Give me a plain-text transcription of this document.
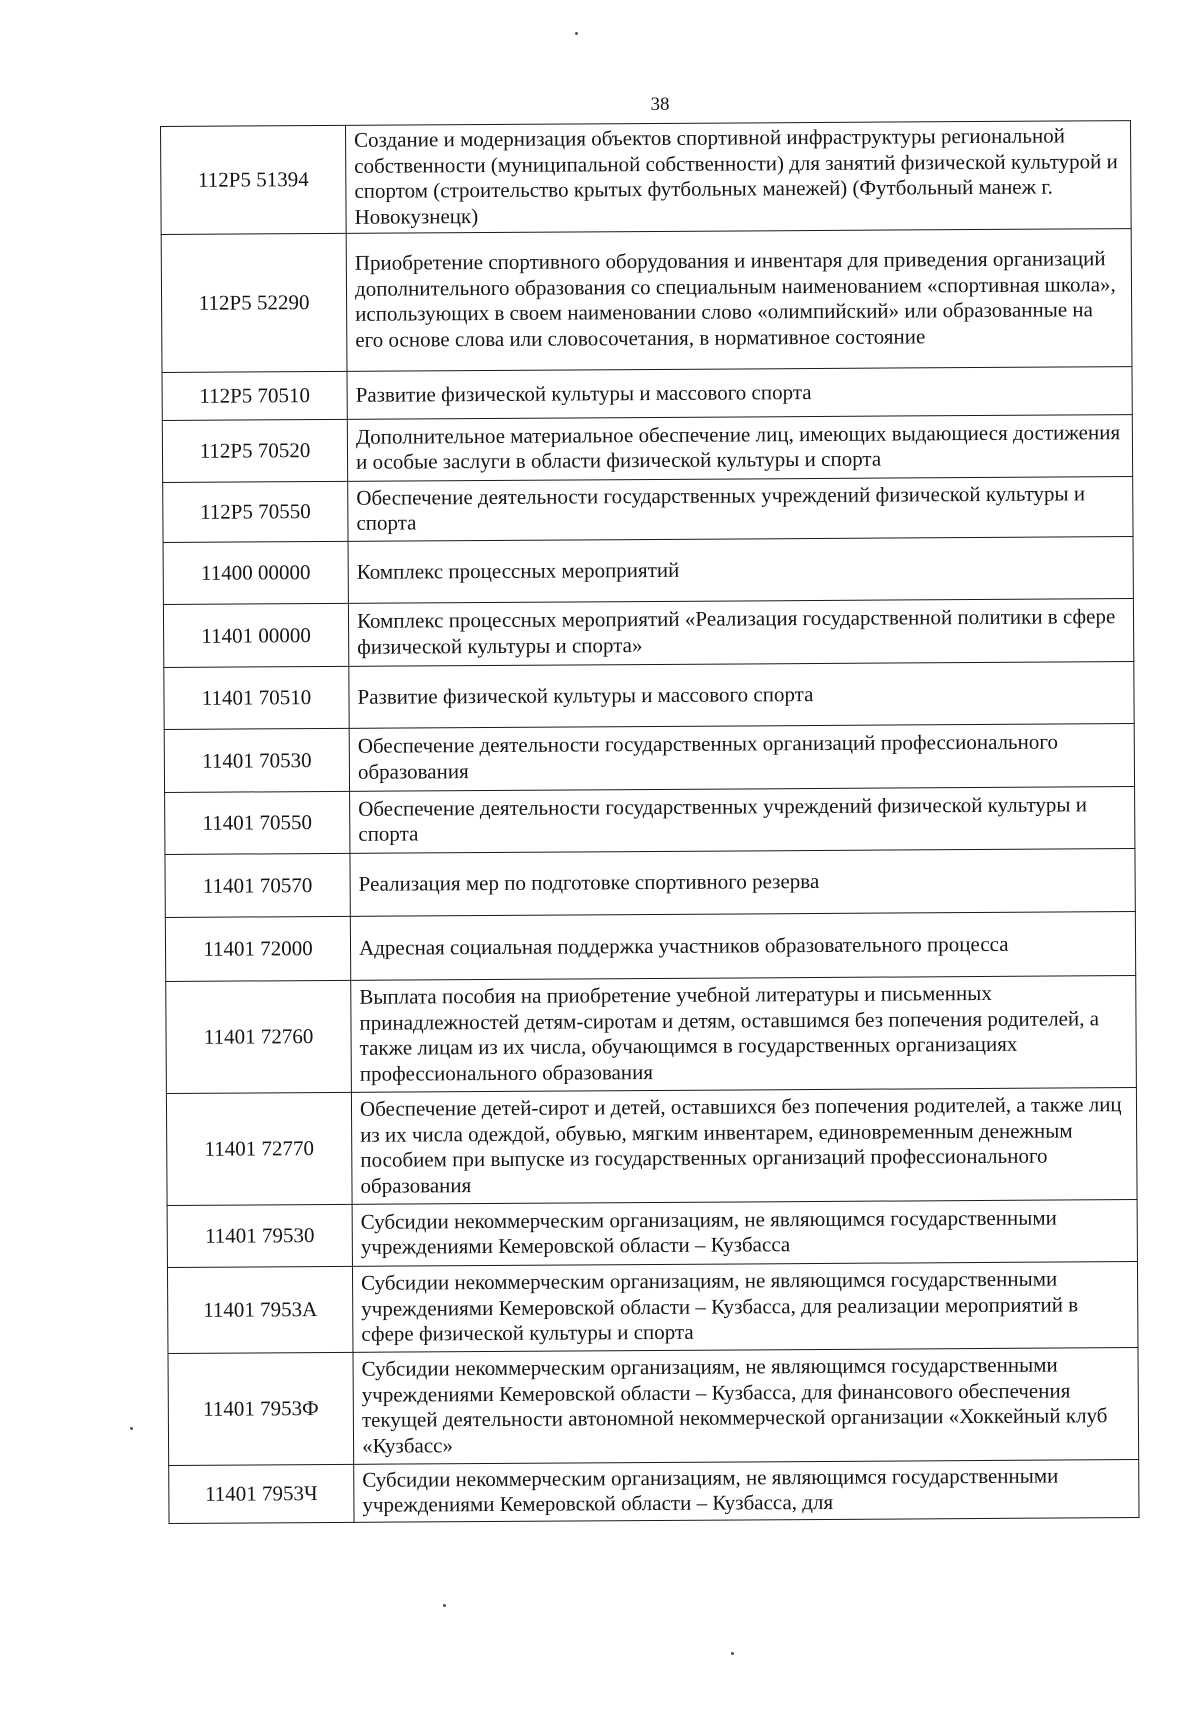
38
112P5 51394	Создание и модернизация объектов спортивной инфраструктуры региональной собственности (муниципальной собственности) для занятий физической культурой и спортом (строительство крытых футбольных манежей) (Футбольный манеж г. Новокузнецк)
112P5 52290	Приобретение спортивного оборудования и инвентаря для приведения организаций дополнительного образования со специальным наименованием «спортивная школа», использующих в своем наименовании слово «олимпийский» или образованные на его основе слова или словосочетания, в нормативное состояние
112P5 70510	Развитие физической культуры и массового спорта
112P5 70520	Дополнительное материальное обеспечение лиц, имеющих выдающиеся достижения и особые заслуги в области физической культуры и спорта
112P5 70550	Обеспечение деятельности государственных учреждений физической культуры и спорта
11400 00000	Комплекс процессных мероприятий
11401 00000	Комплекс процессных мероприятий «Реализация государственной политики в сфере физической культуры и спорта»
11401 70510	Развитие физической культуры и массового спорта
11401 70530	Обеспечение деятельности государственных организаций профессионального образования
11401 70550	Обеспечение деятельности государственных учреждений физической культуры и спорта
11401 70570	Реализация мер по подготовке спортивного резерва
11401 72000	Адресная социальная поддержка участников образовательного процесса
11401 72760	Выплата пособия на приобретение учебной литературы и письменных принадлежностей детям-сиротам и детям, оставшимся без попечения родителей, а также лицам из их числа, обучающимся в государственных организациях профессионального образования
11401 72770	Обеспечение детей-сирот и детей, оставшихся без попечения родителей, а также лиц из их числа одеждой, обувью, мягким инвентарем, единовременным денежным пособием при выпуске из государственных организаций профессионального образования
11401 79530	Субсидии некоммерческим организациям, не являющимся государственными учреждениями Кемеровской области – Кузбасса
11401 7953А	Субсидии некоммерческим организациям, не являющимся государственными учреждениями Кемеровской области – Кузбасса, для реализации мероприятий в сфере физической культуры и спорта
11401 7953Ф	Субсидии некоммерческим организациям, не являющимся государственными учреждениями Кемеровской области – Кузбасса, для финансового обеспечения текущей деятельности автономной некоммерческой организации «Хоккейный клуб «Кузбасс»
11401 7953Ч	Субсидии некоммерческим организациям, не являющимся государственными учреждениями Кемеровской области – Кузбасса, для
